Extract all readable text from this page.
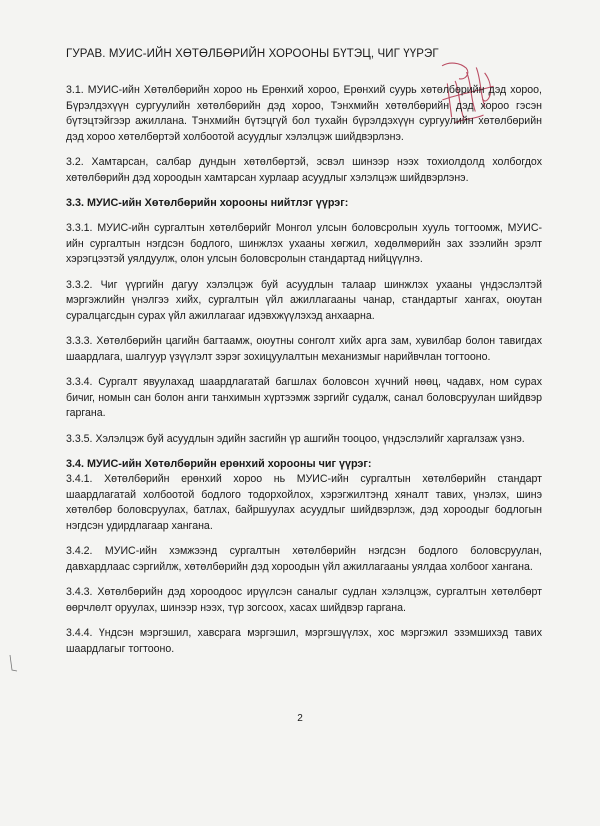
ГУРАВ. МУИС-ИЙН ХӨТӨЛБӨРИЙН ХОРООНЫ БҮТЭЦ, ЧИГ ҮҮРЭГ

3.1. МУИС-ийн Хөтөлбөрийн хороо нь Ерөнхий хороо, Ерөнхий суурь хөтөлбөрийн дэд хороо, Бүрэлдэхүүн сургуулийн хөтөлбөрийн дэд хороо, Тэнхмийн хөтөлбөрийн дэд хороо гэсэн бүтэцтэйгээр ажиллана. Тэнхмийн бүтэцгүй бол тухайн бүрэлдэхүүн сургуулийн хөтөлбөрийн дэд хороо хөтөлбөртэй холбоотой асуудлыг хэлэлцэж шийдвэрлэнэ.

3.2. Хамтарсан, салбар дундын хөтөлбөртэй, эсвэл шинээр нээх тохиолдолд холбогдох хөтөлбөрийн дэд хороодын хамтарсан хурлаар асуудлыг хэлэлцэж шийдвэрлэнэ.

3.3. МУИС-ийн Хөтөлбөрийн хорооны нийтлэг үүрэг:

3.3.1. МУИС-ийн сургалтын хөтөлбөрийг Монгол улсын боловсролын хууль тогтоомж, МУИС-ийн сургалтын нэгдсэн бодлого, шинжлэх ухааны хөгжил, хөдөлмөрийн зах зээлийн эрэлт хэрэгцээтэй уялдуулж, олон улсын боловсролын стандартад нийцүүлнэ.

3.3.2. Чиг үүргийн дагуу хэлэлцэж буй асуудлын талаар шинжлэх ухааны үндэслэлтэй мэргэжлийн үнэлгээ хийх, сургалтын үйл ажиллагааны чанар, стандартыг хангах, оюутан суралцагсдын сурах үйл ажиллагааг идэвхжүүлэхэд анхаарна.

3.3.3. Хөтөлбөрийн цагийн багтаамж, оюутны сонголт хийх арга зам, хувилбар болон тавигдах шаардлага, шалгуур үзүүлэлт зэрэг зохицуулалтын механизмыг нарийвчлан тогтооно.

3.3.4. Сургалт явуулахад шаардлагатай багшлах боловсон хүчний нөөц, чадавх, ном сурах бичиг, номын сан болон анги танхимын хүртээмж зэргийг судалж, санал боловсруулан шийдвэр гаргана.

3.3.5. Хэлэлцэж буй асуудлын эдийн засгийн үр ашгийн тооцоо, үндэслэлийг харгалзаж үзнэ.

3.4. МУИС-ийн Хөтөлбөрийн ерөнхий хорооны чиг үүрэг:

3.4.1. Хөтөлбөрийн ерөнхий хороо нь МУИС-ийн сургалтын хөтөлбөрийн стандарт шаардлагатай холбоотой бодлого тодорхойлох, хэрэгжилтэнд хяналт тавих, үнэлэх, шинэ хөтөлбөр боловсруулах, батлах, байршуулах асуудлыг шийдвэрлэж, дэд хороодыг бодлогын нэгдсэн удирдлагаар хангана.

3.4.2. МУИС-ийн хэмжээнд сургалтын хөтөлбөрийн нэгдсэн бодлого боловсруулан, давхардлаас сэргийлж, хөтөлбөрийн дэд хороодын үйл ажиллагааны уялдаа холбоог хангана.

3.4.3. Хөтөлбөрийн дэд хороодоос ирүүлсэн саналыг судлан хэлэлцэж, сургалтын хөтөлбөрт өөрчлөлт оруулах, шинээр нээх, түр зогсоох, хасах шийдвэр гаргана.

3.4.4. Үндсэн мэргэшил, хавсрага мэргэшил, мэргэшүүлэх, хос мэргэжил эзэмшихэд тавих шаардлагыг тогтооно.

2
